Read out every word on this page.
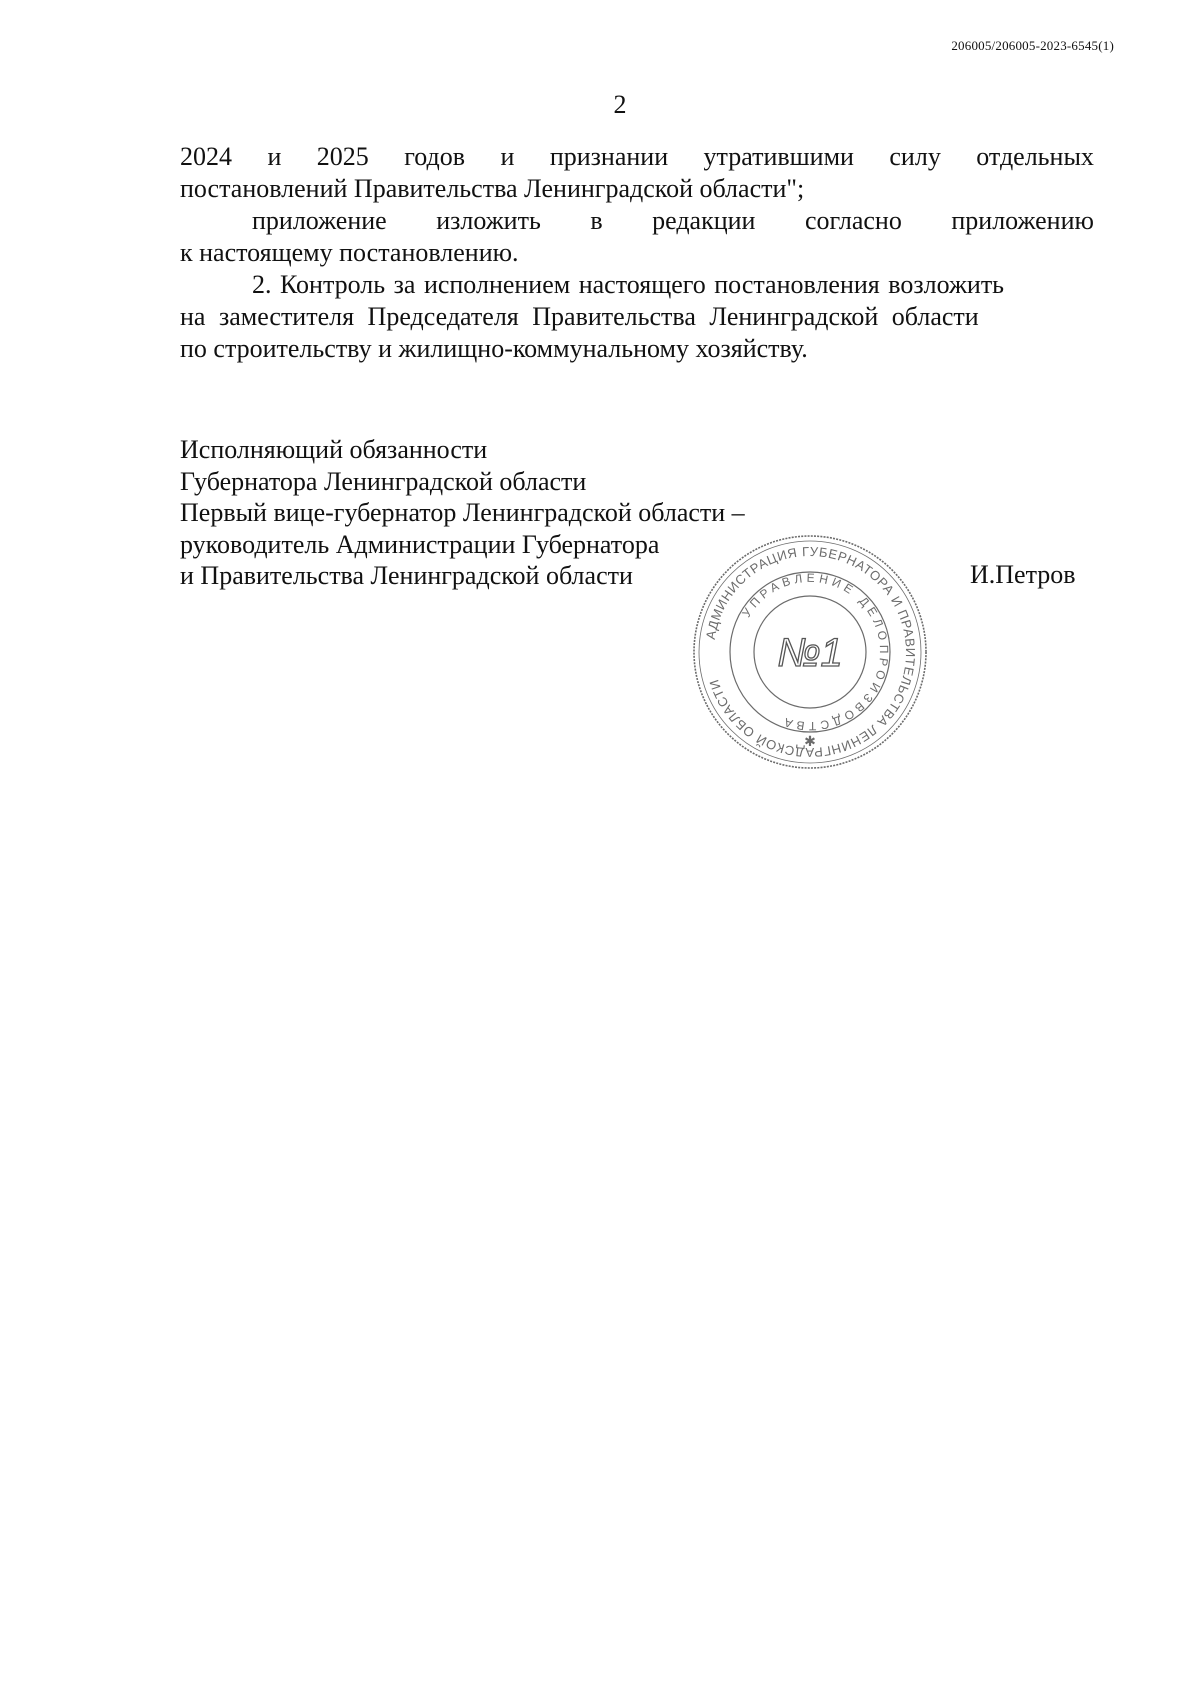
206005/206005-2023-6545(1)
2
2024 и 2025 годов и признании утратившими силу отдельных
постановлений Правительства Ленинградской области";
приложение изложить в редакции согласно приложению
к настоящему постановлению.
2. Контроль за исполнением настоящего постановления возложить
на заместителя Председателя Правительства Ленинградской области
по строительству и жилищно-коммунальному хозяйству.
Исполняющий обязанности
Губернатора Ленинградской области
Первый вице-губернатор Ленинградской области –
руководитель Администрации Губернатора
и Правительства Ленинградской области	И.Петров
АДМИНИСТРАЦИЯ ГУБЕРНАТОРА И ПРАВИТЕЛЬСТВА ЛЕНИНГРАДСКОЙ ОБЛАСТИ
УПРАВЛЕНИЕ ДЕЛОПРОИЗВОДСТВА
№1
✱
